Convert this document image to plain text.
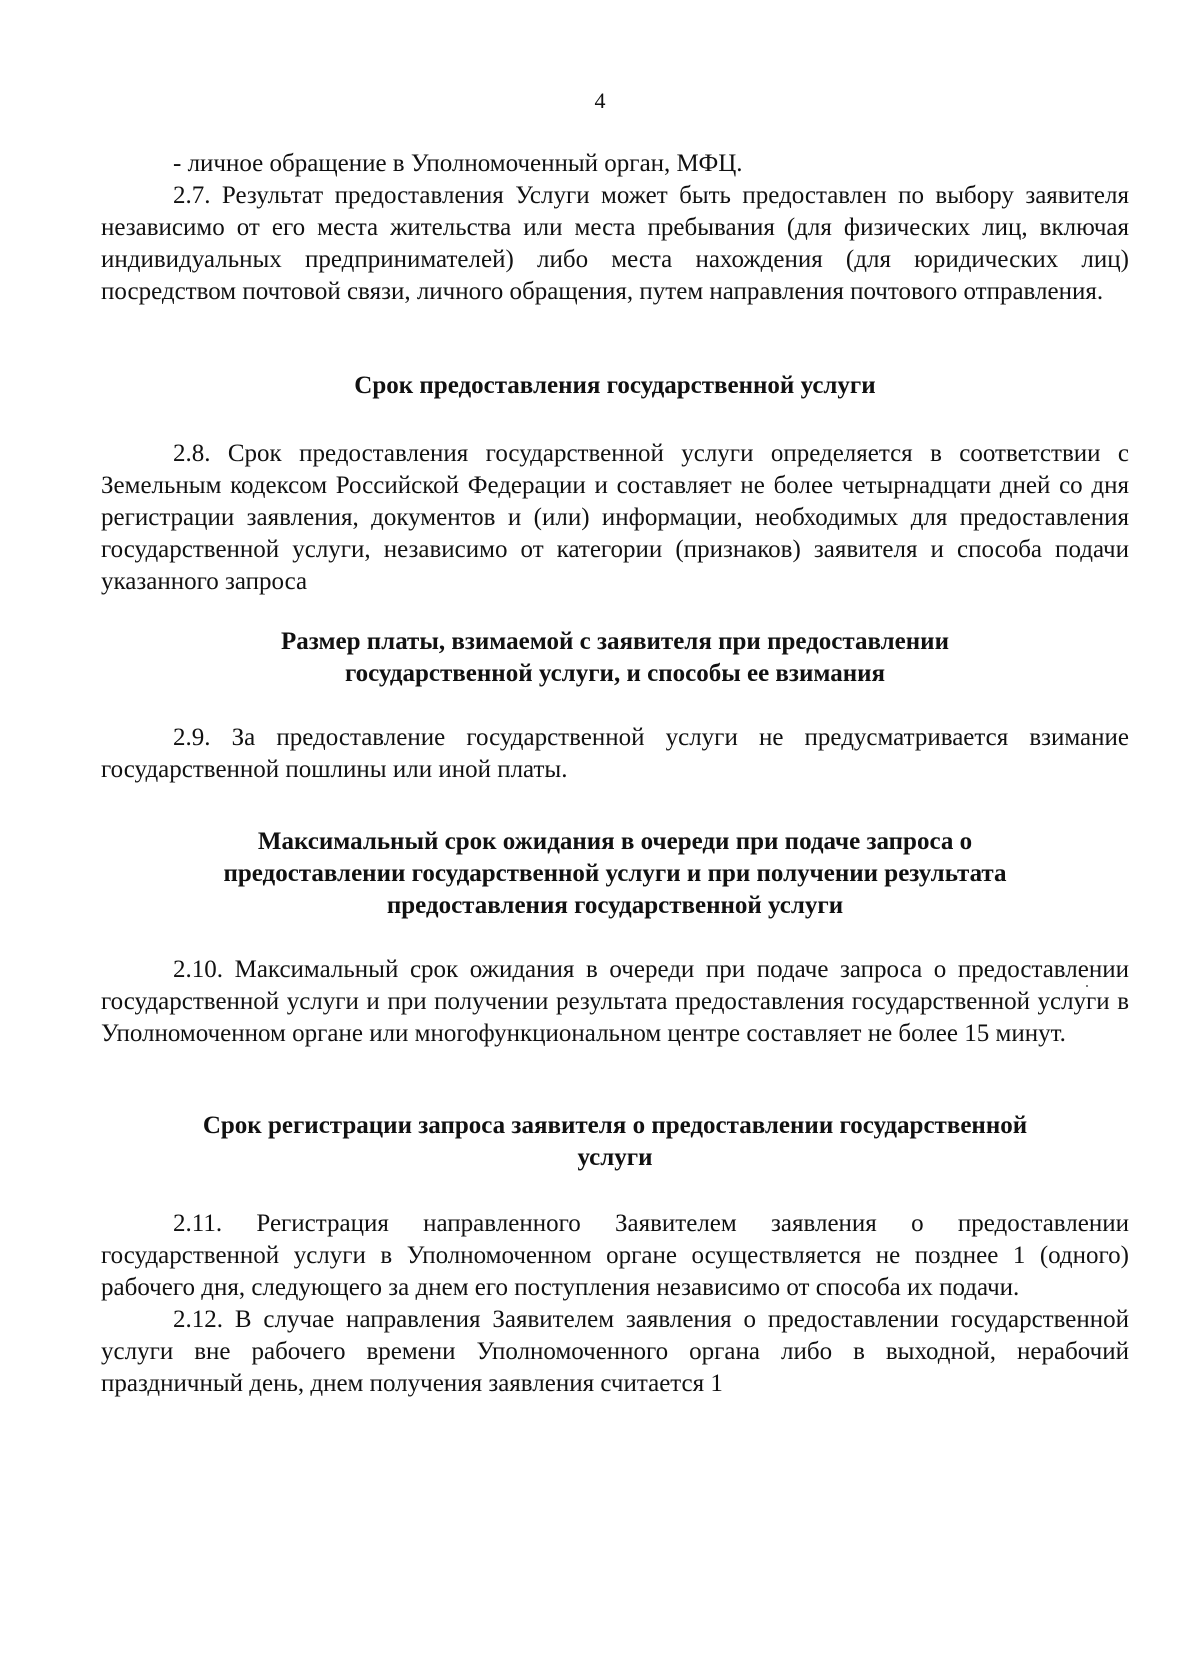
4

- личное обращение в Уполномоченный орган, МФЦ.

2.7. Результат предоставления Услуги может быть предоставлен по выбору заявителя независимо от его места жительства или места пребывания (для физических лиц, включая индивидуальных предпринимателей) либо места нахождения (для юридических лиц) посредством почтовой связи, личного обращения, путем направления почтового отправления.

Срок предоставления государственной услуги

2.8. Срок предоставления государственной услуги определяется в соответствии с Земельным кодексом Российской Федерации и составляет не более четырнадцати дней со дня регистрации заявления, документов и (или) информации, необходимых для предоставления государственной услуги, независимо от категории (признаков) заявителя и способа подачи указанного запроса

Размер платы, взимаемой с заявителя при предоставлении
государственной услуги, и способы ее взимания

2.9. За предоставление государственной услуги не предусматривается взимание государственной пошлины или иной платы.

Максимальный срок ожидания в очереди при подаче запроса о
предоставлении государственной услуги и при получении результата
предоставления государственной услуги

2.10. Максимальный срок ожидания в очереди при подаче запроса о предоставлении государственной услуги и при получении результата предоставления государственной услуги в Уполномоченном органе или многофункциональном центре составляет не более 15 минут.

Срок регистрации запроса заявителя о предоставлении государственной
услуги

2.11. Регистрация направленного Заявителем заявления о предоставлении государственной услуги в Уполномоченном органе осуществляется не позднее 1 (одного) рабочего дня, следующего за днем его поступления независимо от способа их подачи.

2.12. В случае направления Заявителем заявления о предоставлении государственной услуги вне рабочего времени Уполномоченного органа либо в выходной, нерабочий праздничный день, днем получения заявления считается 1
